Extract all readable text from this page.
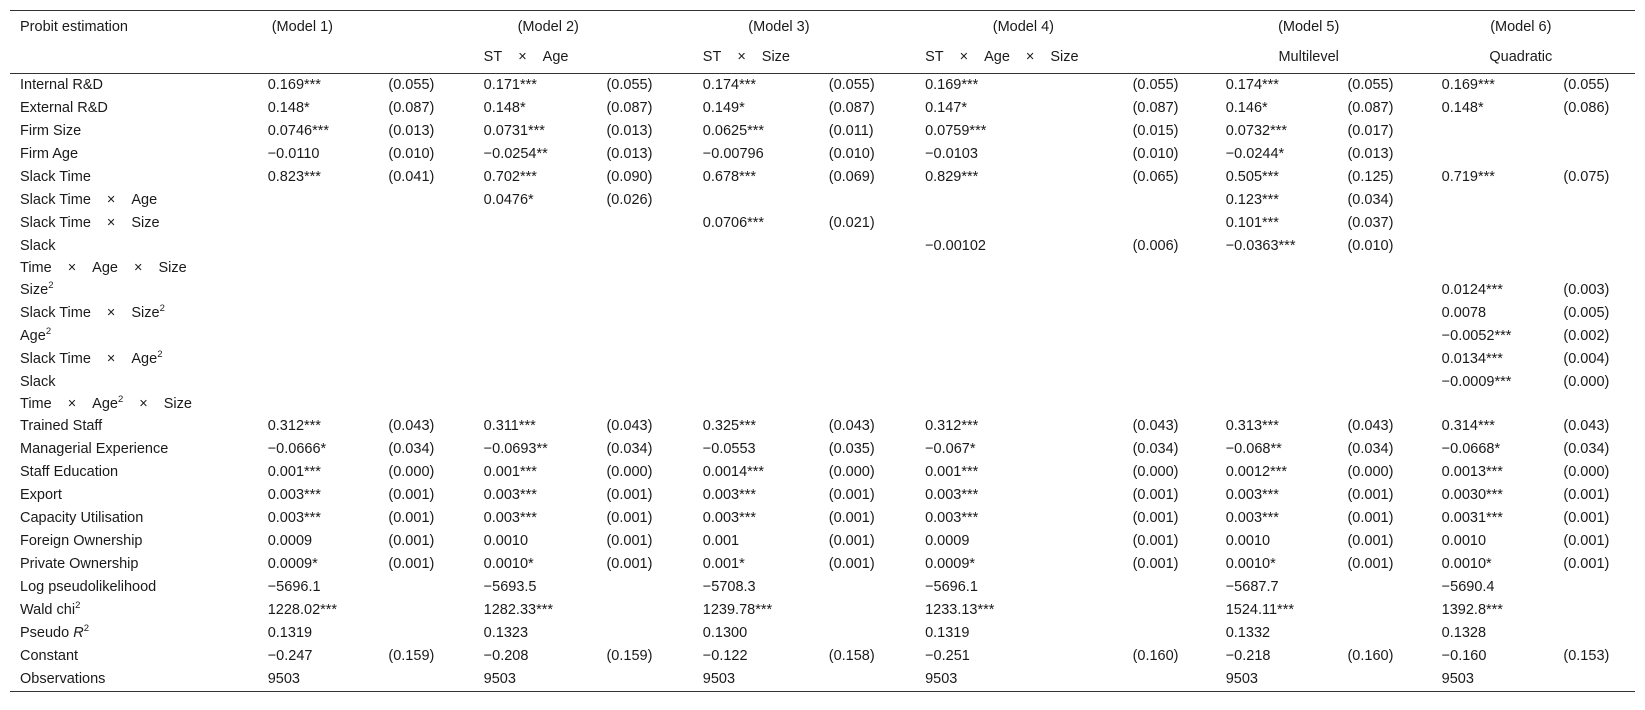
Probit estimation	(Model 1)		(Model 2)		(Model 3)		(Model 4)		(Model 5)		(Model 6)	
			ST × Age		ST × Size		ST × Age × Size		Multilevel		Quadratic	
Internal R&D	0.169***	(0.055)	0.171***	(0.055)	0.174***	(0.055)	0.169***	(0.055)	0.174***	(0.055)	0.169***	(0.055)
External R&D	0.148*	(0.087)	0.148*	(0.087)	0.149*	(0.087)	0.147*	(0.087)	0.146*	(0.087)	0.148*	(0.086)
Firm Size	0.0746***	(0.013)	0.0731***	(0.013)	0.0625***	(0.011)	0.0759***	(0.015)	0.0732***	(0.017)		
Firm Age	−0.0110	(0.010)	−0.0254**	(0.013)	−0.00796	(0.010)	−0.0103	(0.010)	−0.0244*	(0.013)		
Slack Time	0.823***	(0.041)	0.702***	(0.090)	0.678***	(0.069)	0.829***	(0.065)	0.505***	(0.125)	0.719***	(0.075)
Slack Time × Age			0.0476*	(0.026)					0.123***	(0.034)		
Slack Time × Size					0.0706***	(0.021)			0.101***	(0.037)		
Slack
Time × Age × Size							−0.00102	(0.006)	−0.0363***	(0.010)		
Size$^2$											0.0124***	(0.003)
Slack Time × Size$^2$											0.0078	(0.005)
Age$^2$											−0.0052***	(0.002)
Slack Time × Age$^2$											0.0134***	(0.004)
Slack
Time × Age$^2$ × Size											−0.0009***	(0.000)
Trained Staff	0.312***	(0.043)	0.311***	(0.043)	0.325***	(0.043)	0.312***	(0.043)	0.313***	(0.043)	0.314***	(0.043)
Managerial Experience	−0.0666*	(0.034)	−0.0693**	(0.034)	−0.0553	(0.035)	−0.067*	(0.034)	−0.068**	(0.034)	−0.0668*	(0.034)
Staff Education	0.001***	(0.000)	0.001***	(0.000)	0.0014***	(0.000)	0.001***	(0.000)	0.0012***	(0.000)	0.0013***	(0.000)
Export	0.003***	(0.001)	0.003***	(0.001)	0.003***	(0.001)	0.003***	(0.001)	0.003***	(0.001)	0.0030***	(0.001)
Capacity Utilisation	0.003***	(0.001)	0.003***	(0.001)	0.003***	(0.001)	0.003***	(0.001)	0.003***	(0.001)	0.0031***	(0.001)
Foreign Ownership	0.0009	(0.001)	0.0010	(0.001)	0.001	(0.001)	0.0009	(0.001)	0.0010	(0.001)	0.0010	(0.001)
Private Ownership	0.0009*	(0.001)	0.0010*	(0.001)	0.001*	(0.001)	0.0009*	(0.001)	0.0010*	(0.001)	0.0010*	(0.001)
Log pseudolikelihood	−5696.1		−5693.5		−5708.3		−5696.1		−5687.7		−5690.4	
Wald chi$^2$	1228.02***		1282.33***		1239.78***		1233.13***		1524.11***		1392.8***	
Pseudo $R^2$	0.1319		0.1323		0.1300		0.1319		0.1332		0.1328	
Constant	−0.247	(0.159)	−0.208	(0.159)	−0.122	(0.158)	−0.251	(0.160)	−0.218	(0.160)	−0.160	(0.153)
Observations	9503		9503		9503		9503		9503		9503	
